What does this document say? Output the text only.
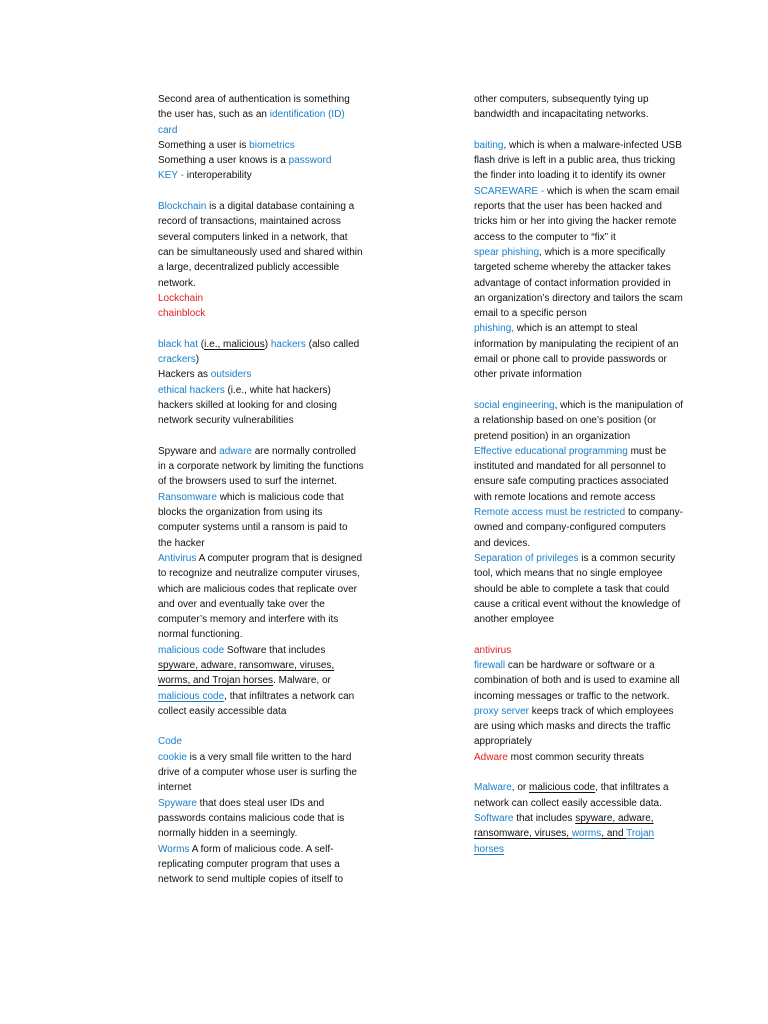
Second area of authentication is something the user has, such as an identification (ID) card

Something a user is biometrics

Something a user knows is a password

KEY - interoperability

Blockchain is a digital database containing a record of transactions, maintained across several computers linked in a network, that can be simultaneously used and shared within a large, decentralized publicly accessible network.

Lockchain

chainblock

black hat (i.e., malicious) hackers (also called crackers)

Hackers as outsiders

ethical hackers (i.e., white hat hackers) hackers skilled at looking for and closing network security vulnerabilities

Spyware and adware are normally controlled in a corporate network by limiting the functions of the browsers used to surf the internet.

Ransomware which is malicious code that blocks the organization from using its computer systems until a ransom is paid to the hacker

Antivirus A computer program that is designed to recognize and neutralize computer viruses, which are malicious codes that replicate over and over and eventually take over the computer’s memory and interfere with its normal functioning.

malicious code Software that includes spyware, adware, ransomware, viruses, worms, and Trojan horses. Malware, or malicious code, that infiltrates a network can collect easily accessible data

Code

cookie is a very small file written to the hard drive of a computer whose user is surfing the internet

Spyware that does steal user IDs and passwords contains malicious code that is normally hidden in a seemingly.

Worms A form of malicious code. A self-replicating computer program that uses a network to send multiple copies of itself to

other computers, subsequently tying up bandwidth and incapacitating networks.

baiting, which is when a malware-infected USB flash drive is left in a public area, thus tricking the finder into loading it to identify its owner

SCAREWARE - which is when the scam email reports that the user has been hacked and tricks him or her into giving the hacker remote access to the computer to “fix” it

spear phishing, which is a more specifically targeted scheme whereby the attacker takes advantage of contact information provided in an organization’s directory and tailors the scam email to a specific person

phishing, which is an attempt to steal information by manipulating the recipient of an email or phone call to provide passwords or other private information

social engineering, which is the manipulation of a relationship based on one’s position (or pretend position) in an organization

Effective educational programming must be instituted and mandated for all personnel to ensure safe computing practices associated with remote locations and remote access

Remote access must be restricted to company-owned and company-configured computers and devices.

Separation of privileges is a common security tool, which means that no single employee should be able to complete a task that could cause a critical event without the knowledge of another employee

antivirus

firewall can be hardware or software or a combination of both and is used to examine all incoming messages or traffic to the network.

proxy server keeps track of which employees are using which masks and directs the traffic appropriately

Adware most common security threats

Malware, or malicious code, that infiltrates a network can collect easily accessible data.

Software that includes spyware, adware, ransomware, viruses, worms, and Trojan horses
